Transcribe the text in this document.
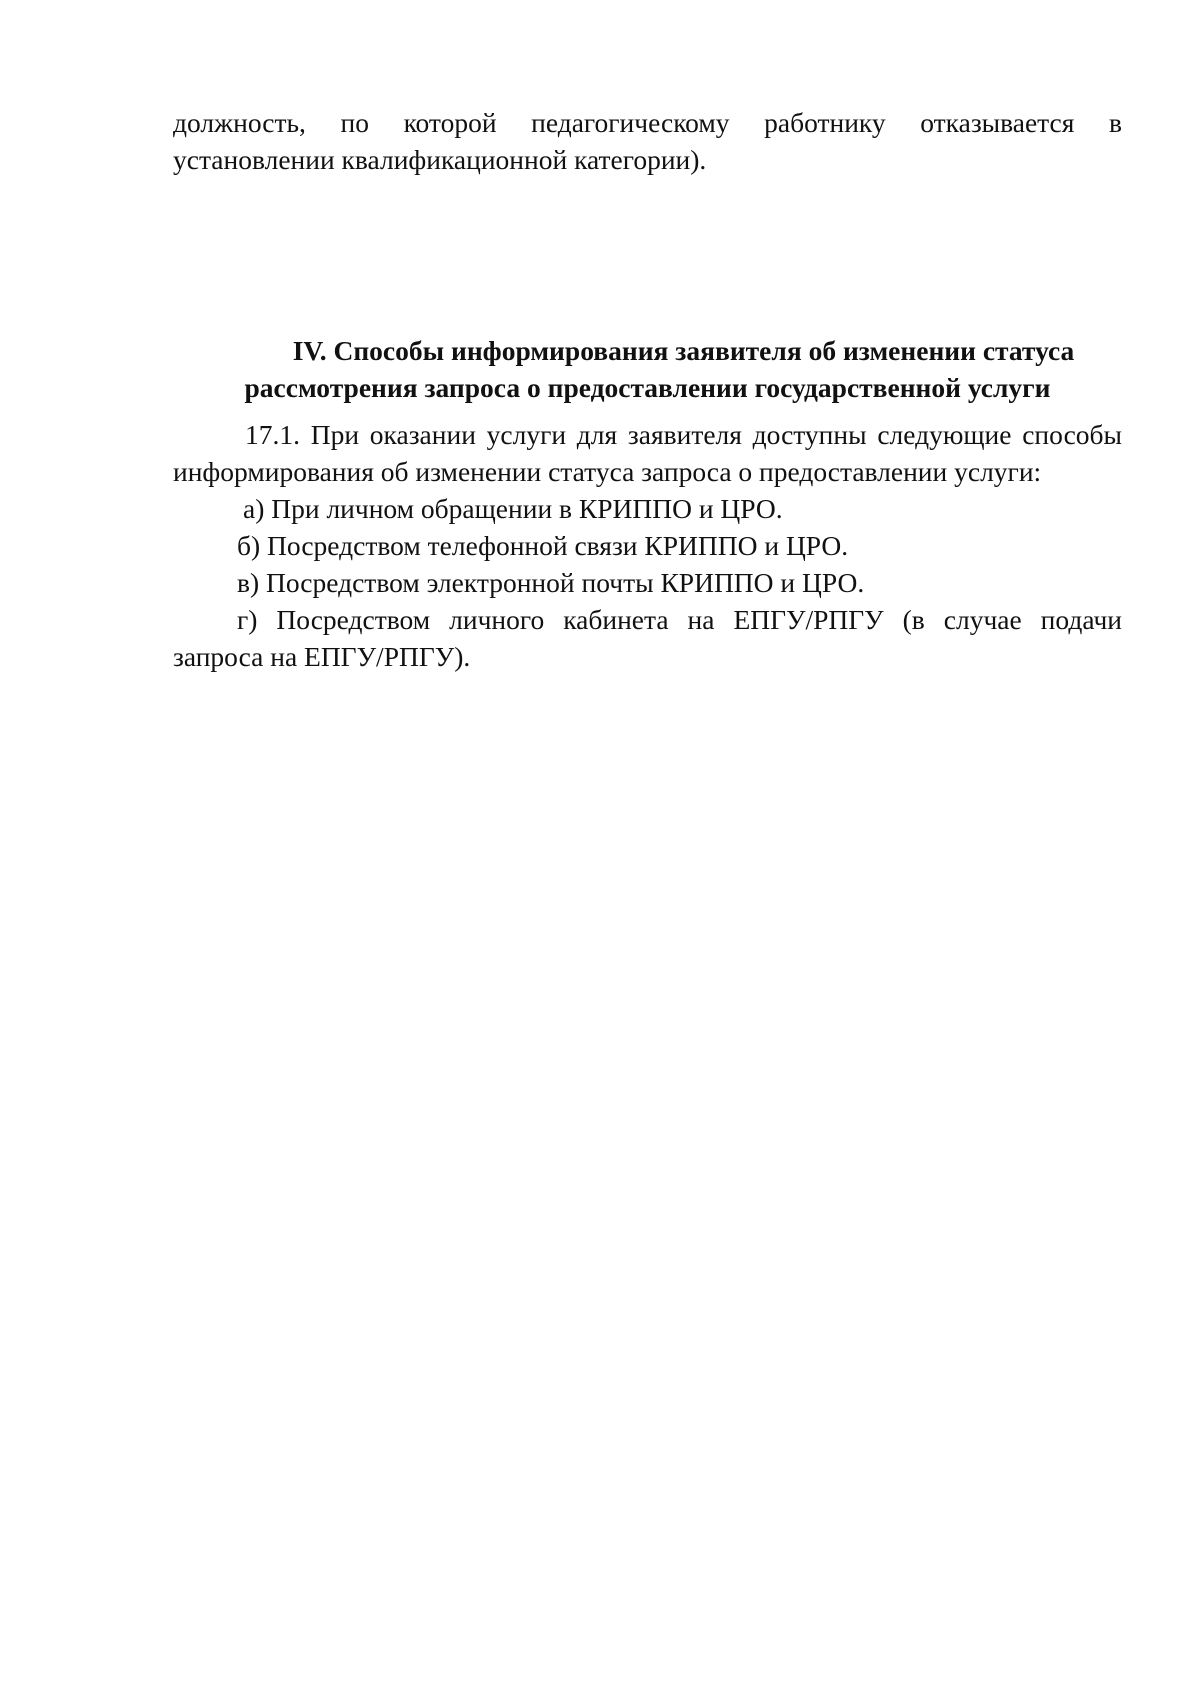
должность, по которой педагогическому работнику отказывается в установлении квалификационной категории).

IV. Способы информирования заявителя об изменении статуса
рассмотрения запроса о предоставлении государственной услуги

17.1. При оказании услуги для заявителя доступны следующие способы информирования об изменении статуса запроса о предоставлении услуги:

а) При личном обращении в КРИППО и ЦРО.

б) Посредством телефонной связи КРИППО и ЦРО.

в) Посредством электронной почты КРИППО и ЦРО.

г) Посредством личного кабинета на ЕПГУ/РПГУ (в случае подачи запроса на ЕПГУ/РПГУ).
